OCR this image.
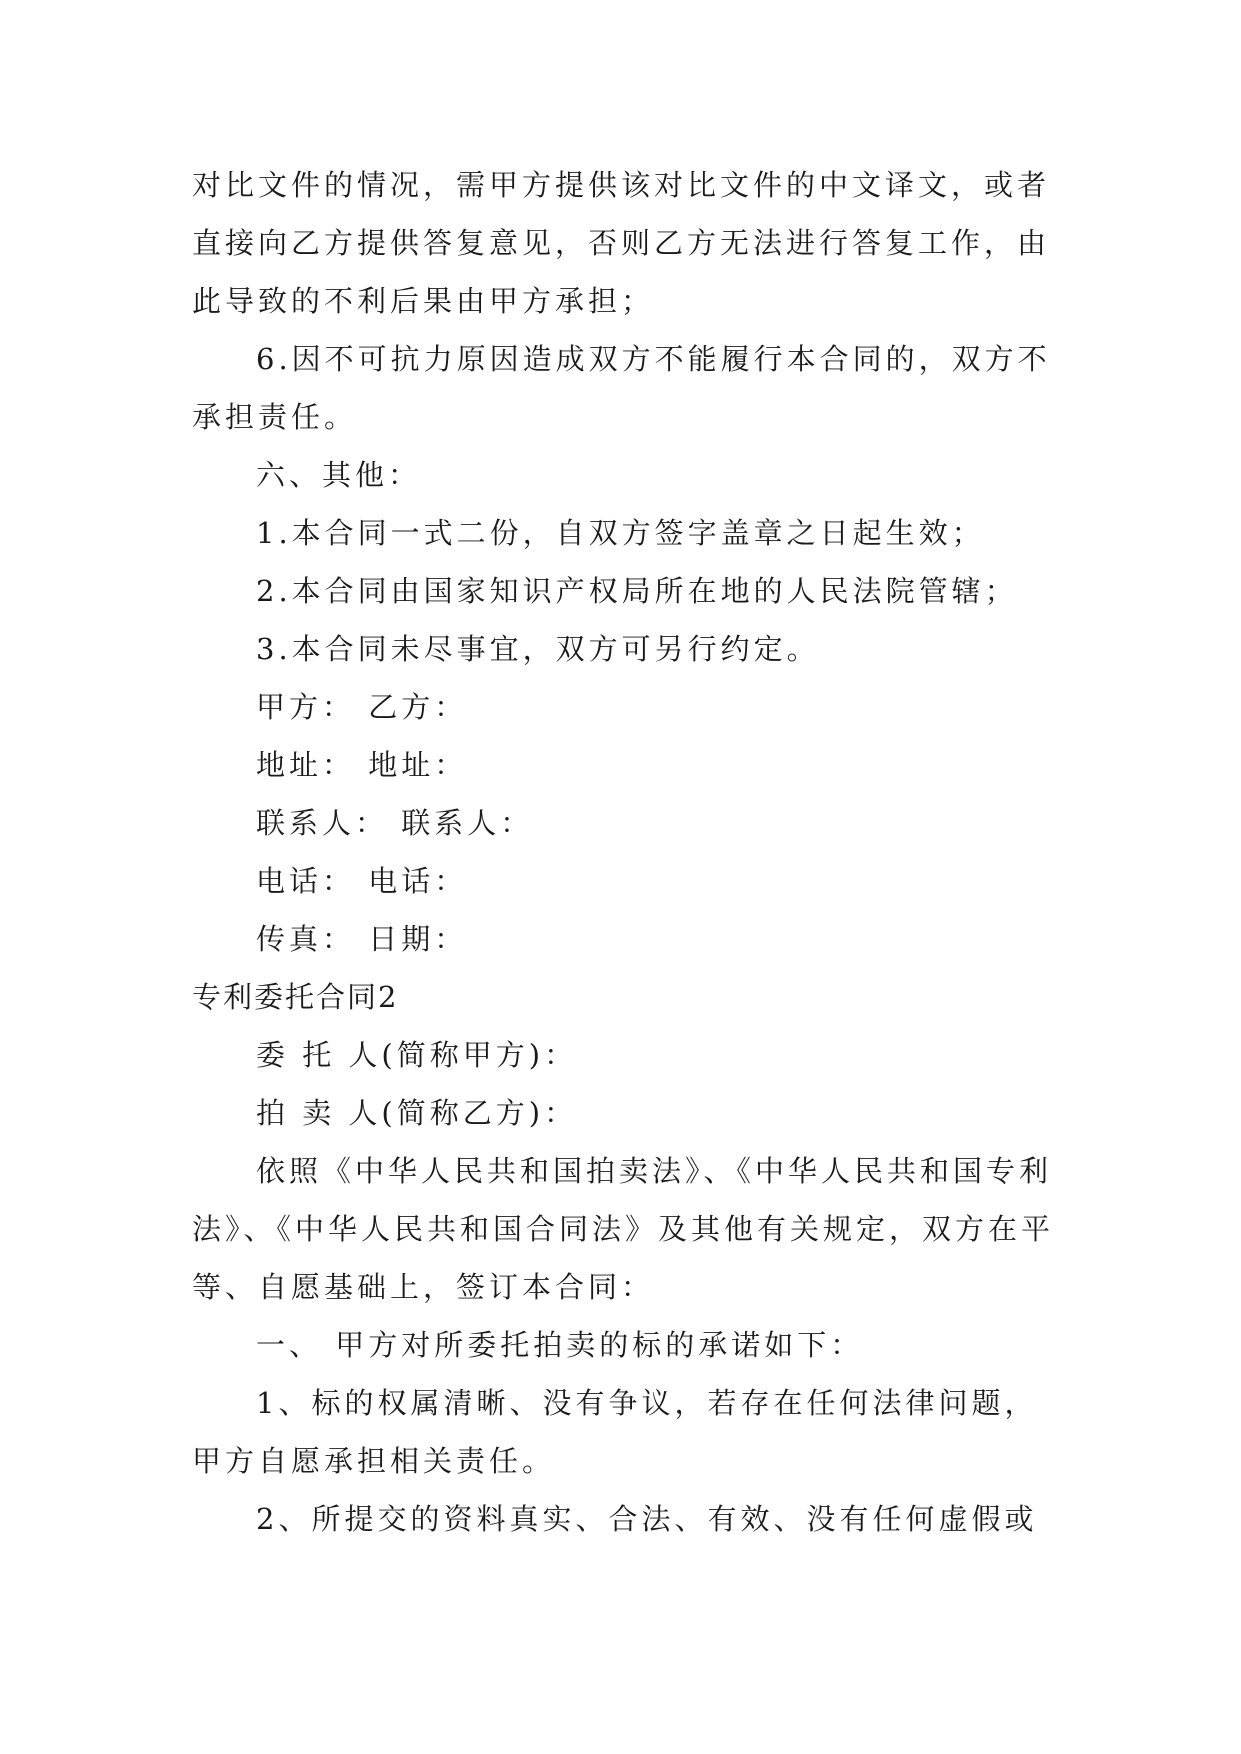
对比文件的情况，需甲方提供该对比文件的中文译文，或者
直接向乙方提供答复意见，否则乙方无法进行答复工作，由
此导致的不利后果由甲方承担；
6.因不可抗力原因造成双方不能履行本合同的，双方不
承担责任。
六、其他：
1.本合同一式二份，自双方签字盖章之日起生效；
2.本合同由国家知识产权局所在地的人民法院管辖；
3.本合同未尽事宜，双方可另行约定。
甲方： 乙方：
地址： 地址：
联系人： 联系人：
电话： 电话：
传真： 日期：
专利委托合同2
委 托 人(简称甲方)：
拍 卖 人(简称乙方)：
依照《中华人民共和国拍卖法》、《中华人民共和国专利
法》、《中华人民共和国合同法》及其他有关规定，双方在平
等、自愿基础上，签订本合同：
一、 甲方对所委托拍卖的标的承诺如下：
1、标的权属清晰、没有争议，若存在任何法律问题，
甲方自愿承担相关责任。
2、所提交的资料真实、合法、有效、没有任何虚假或
